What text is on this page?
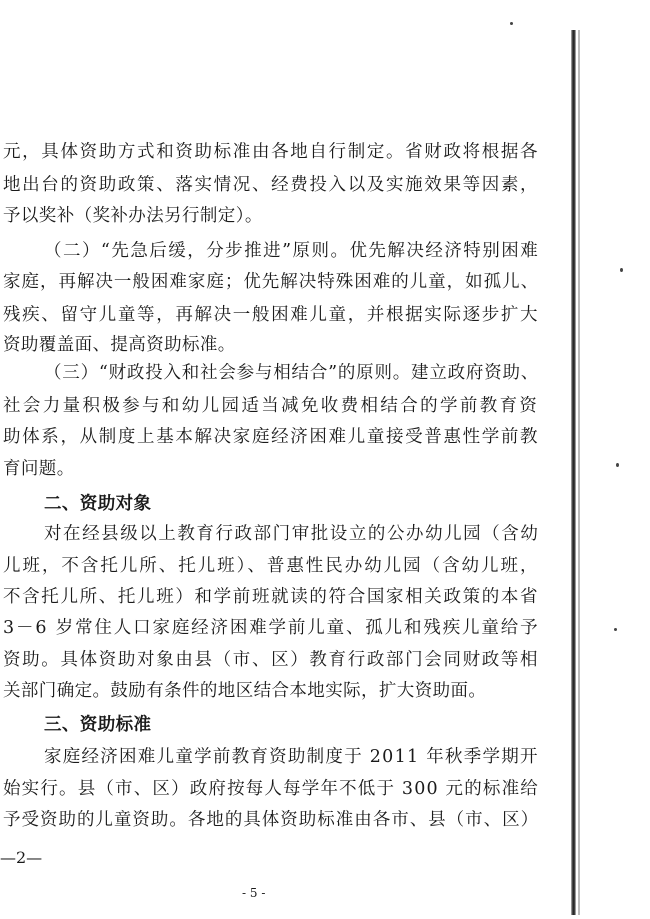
元，具体资助方式和资助标准由各地自行制定。省财政将根据各
地出台的资助政策、落实情况、经费投入以及实施效果等因素，
予以奖补（奖补办法另行制定）。
（二）“先急后缓，分步推进”原则。优先解决经济特别困难
家庭，再解决一般困难家庭；优先解决特殊困难的儿童，如孤儿、
残疾、留守儿童等，再解决一般困难儿童，并根据实际逐步扩大
资助覆盖面、提高资助标准。
（三）“财政投入和社会参与相结合”的原则。建立政府资助、
社会力量积极参与和幼儿园适当减免收费相结合的学前教育资
助体系，从制度上基本解决家庭经济困难儿童接受普惠性学前教
育问题。
二、资助对象
对在经县级以上教育行政部门审批设立的公办幼儿园（含幼
儿班，不含托儿所、托儿班）、普惠性民办幼儿园（含幼儿班，
不含托儿所、托儿班）和学前班就读的符合国家相关政策的本省
3－6 岁常住人口家庭经济困难学前儿童、孤儿和残疾儿童给予
资助。具体资助对象由县（市、区）教育行政部门会同财政等相
关部门确定。鼓励有条件的地区结合本地实际，扩大资助面。
三、资助标准
家庭经济困难儿童学前教育资助制度于 2011 年秋季学期开
始实行。县（市、区）政府按每人每学年不低于 300 元的标准给
予受资助的儿童资助。各地的具体资助标准由各市、县（市、区）
—2—
- 5 -
